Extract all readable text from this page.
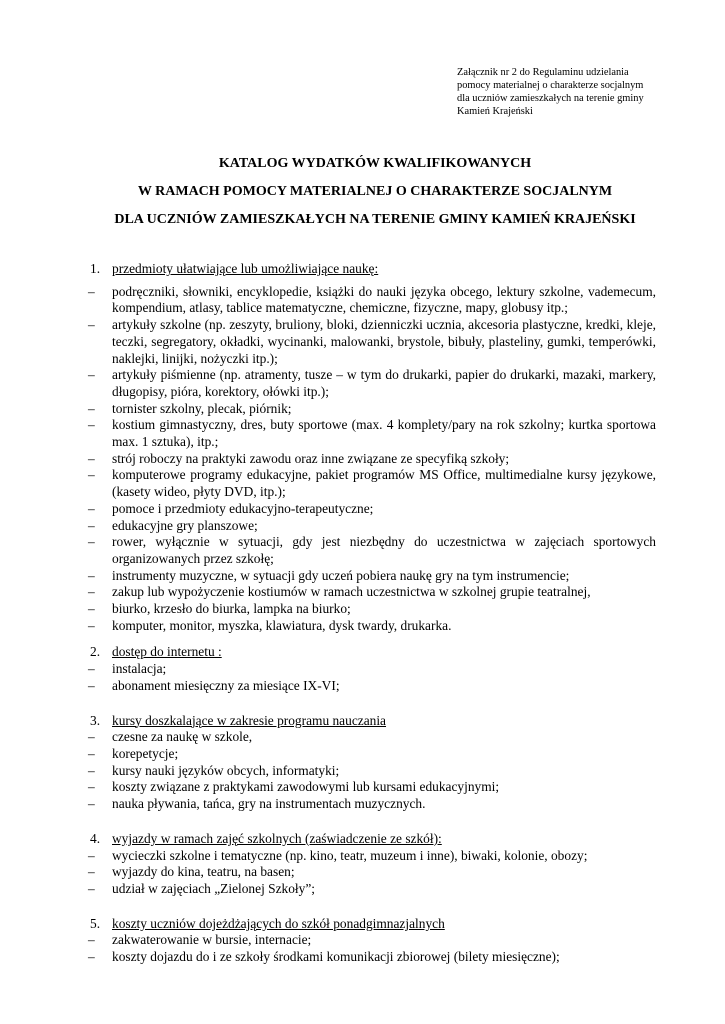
Załącznik nr 2 do Regulaminu udzielania
pomocy materialnej o charakterze socjalnym
dla uczniów zamieszkałych na terenie gminy
Kamień Krajeński
KATALOG WYDATKÓW KWALIFIKOWANYCH
W RAMACH POMOCY MATERIALNEJ O CHARAKTERZE SOCJALNYM
DLA UCZNIÓW ZAMIESZKAŁYCH NA TERENIE GMINY KAMIEŃ KRAJEŃSKI
1. przedmioty ułatwiające lub umożliwiające naukę:
– podręczniki, słowniki, encyklopedie, książki do nauki języka obcego, lektury szkolne, vademecum, kompendium, atlasy, tablice matematyczne, chemiczne, fizyczne, mapy, globusy itp.;
– artykuły szkolne (np. zeszyty, bruliony, bloki, dzienniczki ucznia, akcesoria plastyczne, kredki, kleje, teczki, segregatory, okładki, wycinanki, malowanki, brystole, bibuły, plasteliny, gumki, temperówki, naklejki, linijki, nożyczki itp.);
– artykuły piśmienne (np. atramenty, tusze – w tym do drukarki, papier do drukarki, mazaki, markery, długopisy, pióra, korektory, ołówki itp.);
– tornister szkolny, plecak, piórnik;
– kostium gimnastyczny, dres, buty sportowe (max. 4 komplety/pary na rok szkolny; kurtka sportowa max. 1 sztuka), itp.;
– strój roboczy na praktyki zawodu oraz inne związane ze specyfiką szkoły;
– komputerowe programy edukacyjne, pakiet programów MS Office, multimedialne kursy językowe, (kasety wideo, płyty DVD, itp.);
– pomoce i przedmioty edukacyjno-terapeutyczne;
– edukacyjne gry planszowe;
– rower, wyłącznie w sytuacji, gdy jest niezbędny do uczestnictwa w zajęciach sportowych organizowanych przez szkołę;
– instrumenty muzyczne, w sytuacji gdy uczeń pobiera naukę gry na tym instrumencie;
– zakup lub wypożyczenie kostiumów w ramach uczestnictwa w szkolnej grupie teatralnej,
– biurko, krzesło do biurka, lampka na biurko;
– komputer, monitor, myszka, klawiatura, dysk twardy, drukarka.
2. dostęp do internetu :
– instalacja;
– abonament miesięczny za miesiące IX-VI;
3. kursy doszkalające w zakresie programu nauczania
– czesne za naukę w szkole,
– korepetycje;
– kursy nauki języków obcych, informatyki;
– koszty związane z praktykami zawodowymi lub kursami edukacyjnymi;
– nauka pływania, tańca, gry na instrumentach muzycznych.
4. wyjazdy w ramach zajęć szkolnych (zaświadczenie ze szkół):
– wycieczki szkolne i tematyczne (np. kino, teatr, muzeum i inne), biwaki, kolonie, obozy;
– wyjazdy do kina, teatru, na basen;
– udział w zajęciach „Zielonej Szkoły”;
5. koszty uczniów dojeżdżających do szkół ponadgimnazjalnych
– zakwaterowanie w bursie, internacie;
– koszty dojazdu do i ze szkoły środkami komunikacji zbiorowej (bilety miesięczne);
